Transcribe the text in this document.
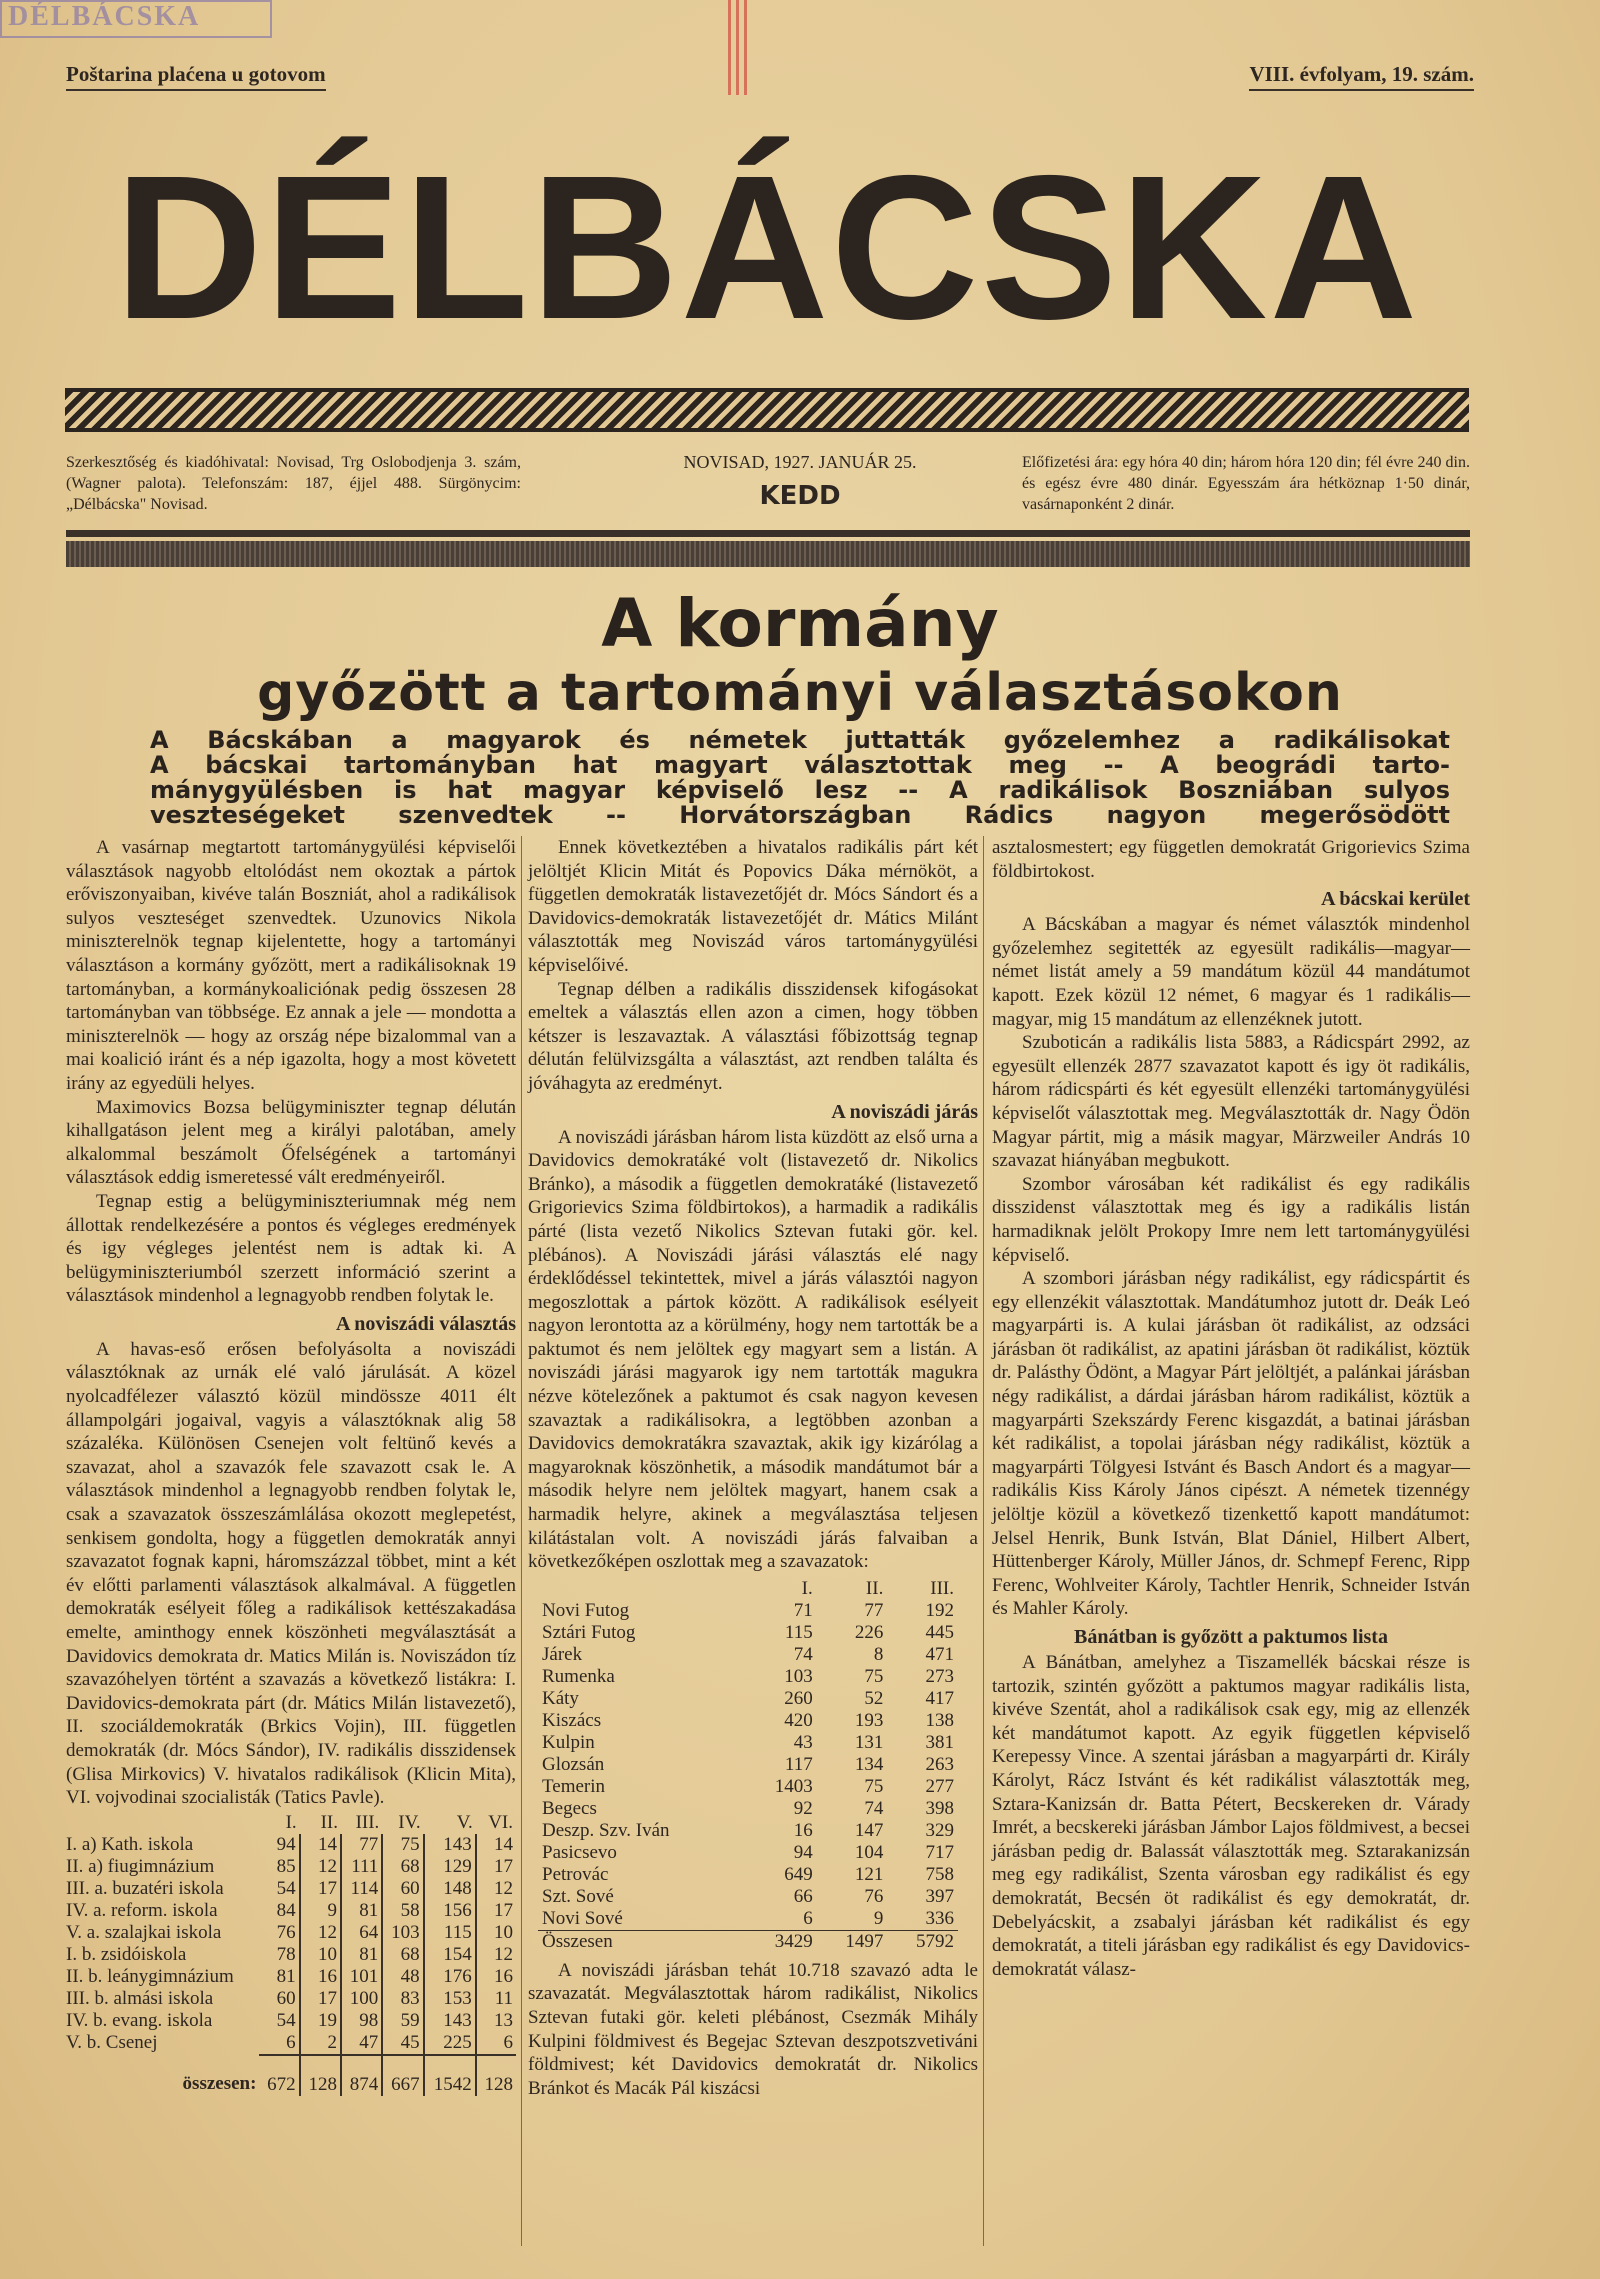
DÉLBÁCSKA
Poštarina plaćena u gotovom	VIII. évfolyam, 19. szám.
DÉLBÁCSKA
Szerkesztőség és kiadóhivatal: Novisad, Trg Oslobodjenja 3. szám, (Wagner palota). Telefonszám: 187, éjjel 488. Sürgönycim: „Délbácska" Novisad.
NOVISAD, 1927. JANUÁR 25.
KEDD
Előfizetési ára: egy hóra 40 din; három hóra 120 din; fél évre 240 din. és egész évre 480 dinár. Egyesszám ára hétköznap 1·50 dinár, vasárnaponként 2 dinár.
A kormány
győzött a tartományi választásokon
A Bácskában a magyarok és németek juttatták győzelemhez a radikálisokat
A bácskai tartományban hat magyart választottak meg -- A beográdi tarto-
mánygyülésben is hat magyar képviselő lesz -- A radikálisok Boszniában sulyos
veszteségeket szenvedtek -- Horvátországban Rádics nagyon megerősödött

A vasárnap megtartott tartománygyülési képviselői választások nagyobb eltolódást nem okoztak a pártok erőviszonyaiban, kivéve talán Boszniát, ahol a radikálisok sulyos veszteséget szenvedtek. Uzunovics Nikola miniszterelnök tegnap kijelentette, hogy a tartományi választáson a kormány győzött, mert a radikálisoknak 19 tartományban, a kormánykoaliciónak pedig összesen 28 tartományban van többsége. Ez annak a jele — mondotta a miniszterelnök — hogy az ország népe bizalommal van a mai koalició iránt és a nép igazolta, hogy a most követett irány az egyedüli helyes.

Maximovics Bozsa belügyminiszter tegnap délután kihallgatáson jelent meg a királyi palotában, amely alkalommal beszámolt Őfelségének a tartományi választások eddig ismeretessé vált eredményeiről.

Tegnap estig a belügyminiszteriumnak még nem állottak rendelkezésére a pontos és végleges eredmények és igy végleges jelentést nem is adtak ki. A belügyminiszteriumból szerzett információ szerint a választások mindenhol a legnagyobb rendben folytak le.

A noviszádi választás

A havas-eső erősen befolyásolta a noviszádi választóknak az urnák elé való járulását. A közel nyolcadfélezer választó közül mindössze 4011 élt állampolgári jogaival, vagyis a választóknak alig 58 százaléka. Különösen Csenejen volt feltünő kevés a szavazat, ahol a szavazók fele szavazott csak le. A választások mindenhol a legnagyobb rendben folytak le, csak a szavazatok összeszámlálása okozott meglepetést, senkisem gondolta, hogy a független demokraták annyi szavazatot fognak kapni, háromszázzal többet, mint a két év előtti parlamenti választások alkalmával. A független demokraták esélyeit főleg a radikálisok kettészakadása emelte, aminthogy ennek köszönheti megválasztását a Davidovics demokrata dr. Matics Milán is. Noviszádon tíz szavazóhelyen történt a szavazás a következő listákra: I. Davidovics-demokrata párt (dr. Mátics Milán listavezető), II. szociáldemokraták (Brkics Vojin), III. független demokraták (dr. Mócs Sándor), IV. radikális disszidensek (Glisa Mirkovics) V. hivatalos radikálisok (Klicin Mita), VI. vojvodinai szocialisták (Tatics Pavle).

	I.	II.	III.	IV.	V.	VI.
I. a) Kath. iskola	94	14	77	75	143	14
II. a) fiugimnázium	85	12	111	68	129	17
III. a. buzatéri iskola	54	17	114	60	148	12
IV. a. reform. iskola	84	9	81	58	156	17
V. a. szalajkai iskola	76	12	64	103	115	10
I. b. zsidóiskola	78	10	81	68	154	12
II. b. leánygimnázium	81	16	101	48	176	16
III. b. almási iskola	60	17	100	83	153	11
IV. b. evang. iskola	54	19	98	59	143	13
V. b. Csenej	6	2	47	45	225	6
összesen:	672	128	874	667	1542	128

Ennek következtében a hivatalos radikális párt két jelöltjét Klicin Mitát és Popovics Dáka mérnököt, a független demokraták listavezetőjét dr. Mócs Sándort és a Davidovics-demokraták listavezetőjét dr. Mátics Milánt választották meg Noviszád város tartománygyülési képviselőivé.

Tegnap délben a radikális disszidensek kifogásokat emeltek a választás ellen azon a cimen, hogy többen kétszer is leszavaztak. A választási főbizottság tegnap délután felülvizsgálta a választást, azt rendben találta és jóváhagyta az eredményt.

A noviszádi járás

A noviszádi járásban három lista küzdött az első urna a Davidovics demokratáké volt (listavezető dr. Nikolics Bránko), a második a független demokratáké (listavezető Grigorievics Szima földbirtokos), a harmadik a radikális párté (lista vezető Nikolics Sztevan futaki gör. kel. plébános). A Noviszádi járási választás elé nagy érdeklődéssel tekintettek, mivel a járás választói nagyon megoszlottak a pártok között. A radikálisok esélyeit nagyon lerontotta az a körülmény, hogy nem tartották be a paktumot és nem jelöltek egy magyart sem a listán. A noviszádi járási magyarok igy nem tartották magukra nézve kötelezőnek a paktumot és csak nagyon kevesen szavaztak a radikálisokra, a legtöbben azonban a Davidovics demokratákra szavaztak, akik igy kizárólag a magyaroknak köszönhetik, a második mandátumot bár a második helyre nem jelöltek magyart, hanem csak a harmadik helyre, akinek a megválasztása teljesen kilátástalan volt. A noviszádi járás falvaiban a következőképen oszlottak meg a szavazatok:

	I.	II.	III.
Novi Futog	71	77	192
Sztári Futog	115	226	445
Járek	74	8	471
Rumenka	103	75	273
Káty	260	52	417
Kiszács	420	193	138
Kulpin	43	131	381
Glozsán	117	134	263
Temerin	1403	75	277
Begecs	92	74	398
Deszp. Szv. Iván	16	147	329
Pasicsevo	94	104	717
Petrovác	649	121	758
Szt. Sové	66	76	397
Novi Sové	6	9	336
Összesen	3429	1497	5792

A noviszádi járásban tehát 10.718 szavazó adta le szavazatát. Megválasztottak három radikálist, Nikolics Sztevan futaki gör. keleti plébánost, Csezmák Mihály Kulpini földmivest és Begejac Sztevan deszpotszvetiváni földmivest; két Davidovics demokratát dr. Nikolics Bránkot és Macák Pál kiszácsi

asztalosmestert; egy független demokratát Grigorievics Szima földbirtokost.

A bácskai kerület

A Bácskában a magyar és német választók mindenhol győzelemhez segitették az egyesült radikális—magyar—német listát amely a 59 mandátum közül 44 mandátumot kapott. Ezek közül 12 német, 6 magyar és 1 radikális—magyar, mig 15 mandátum az ellenzéknek jutott.

Szuboticán a radikális lista 5883, a Rádicspárt 2992, az egyesült ellenzék 2877 szavazatot kapott és igy öt radikális, három rádicspárti és két egyesült ellenzéki tartománygyülési képviselőt választottak meg. Megválasztották dr. Nagy Ödön Magyar pártit, mig a másik magyar, Märzweiler András 10 szavazat hiányában megbukott.

Szombor városában két radikálist és egy radikális disszidenst választottak meg és igy a radikális listán harmadiknak jelölt Prokopy Imre nem lett tartománygyülési képviselő.

A szombori járásban négy radikálist, egy rádicspártit és egy ellenzékit választottak. Mandátumhoz jutott dr. Deák Leó magyarpárti is. A kulai járásban öt radikálist, az odzsáci járásban öt radikálist, az apatini járásban öt radikálist, köztük dr. Palásthy Ödönt, a Magyar Párt jelöltjét, a palánkai járásban négy radikálist, a dárdai járásban három radikálist, köztük a magyarpárti Szekszárdy Ferenc kisgazdát, a batinai járásban két radikálist, a topolai járásban négy radikálist, köztük a magyarpárti Tölgyesi Istvánt és Basch Andort és a magyar—radikális Kiss Károly János cipészt. A németek tizennégy jelöltje közül a következő tizenkettő kapott mandátumot: Jelsel Henrik, Bunk István, Blat Dániel, Hilbert Albert, Hüttenberger Károly, Müller János, dr. Schmepf Ferenc, Ripp Ferenc, Wohlveiter Károly, Tachtler Henrik, Schneider István és Mahler Károly.

Bánátban is győzött a paktumos lista

A Bánátban, amelyhez a Tiszamellék bácskai része is tartozik, szintén győzött a paktumos magyar radikális lista, kivéve Szentát, ahol a radikálisok csak egy, mig az ellenzék két mandátumot kapott. Az egyik független képviselő Kerepessy Vince. A szentai járásban a magyarpárti dr. Király Károlyt, Rácz Istvánt és két radikálist választották meg, Sztara-Kanizsán dr. Batta Pétert, Becskereken dr. Várady Imrét, a becskereki járásban Jámbor Lajos földmivest, a becsei járásban pedig dr. Balassát választották meg. Sztarakanizsán meg egy radikálist, Szenta városban egy radikálist és egy demokratát, Becsén öt radikálist és egy demokratát, dr. Debelyácskit, a zsabalyi járásban két radikálist és egy demokratát, a titeli járásban egy radikálist és egy Davidovics-demokratát válasz-
